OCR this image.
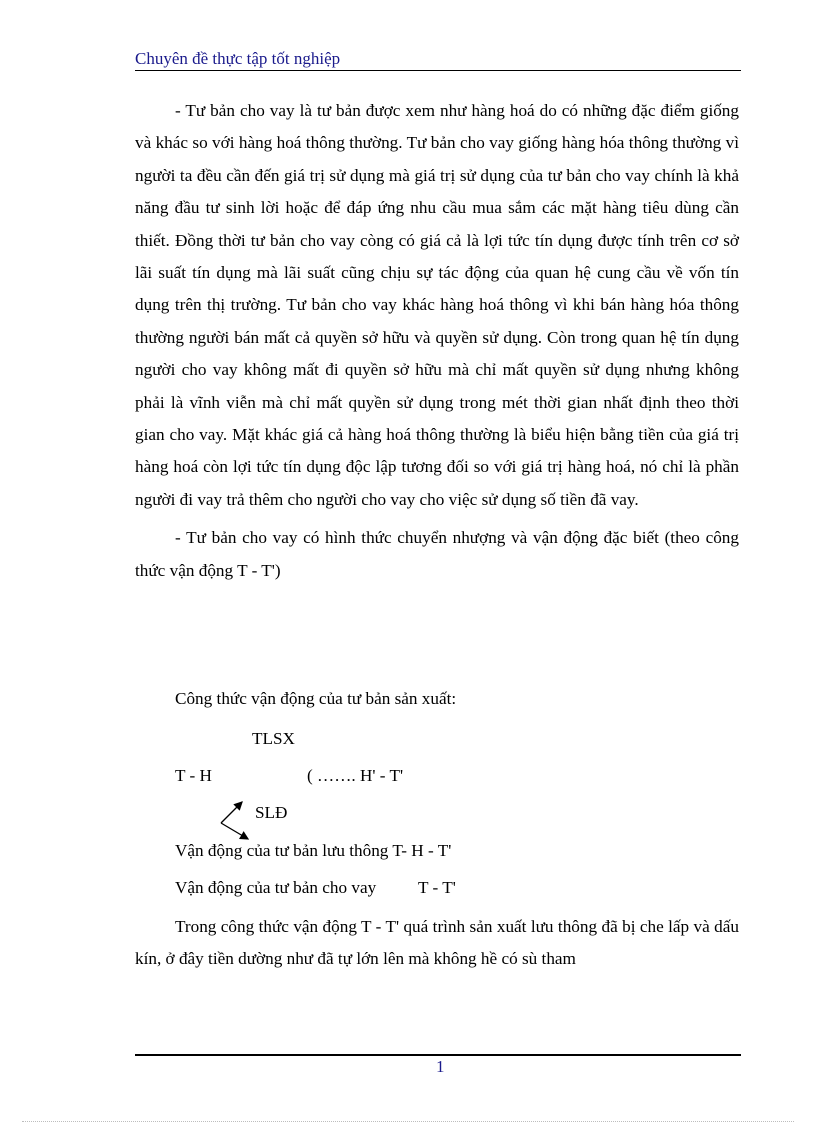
Chuyên đề thực tập tốt nghiệp

- Tư bản cho vay là tư bản được xem như hàng hoá do có những đặc điểm giống và khác so với hàng hoá thông thường. Tư bản cho vay giống hàng hóa thông thường vì người ta đều cần đến giá trị sử dụng mà giá trị sử dụng của tư bản cho vay chính là khả năng đầu tư sinh lời hoặc để đáp ứng nhu cầu mua sắm các mặt hàng tiêu dùng cần thiết. Đồng thời tư bản cho vay còng có giá cả là lợi tức tín dụng được tính trên cơ sở lãi suất tín dụng mà lãi suất cũng chịu sự tác động của quan hệ cung cầu về vốn tín dụng trên thị trường. Tư bản cho vay khác hàng hoá thông vì khi bán hàng hóa thông thường người bán mất cả quyền sở hữu và quyền sử dụng. Còn trong quan hệ tín dụng người cho vay không mất đi quyền sở hữu mà chỉ mất quyền sử dụng nhưng không phải là vĩnh viễn mà chỉ mất quyền sử dụng trong mét thời gian nhất định theo thời gian cho vay. Mặt khác giá cả hàng hoá thông thường là biểu hiện bằng tiền của giá trị hàng hoá còn lợi tức tín dụng độc lập tương đối so với giá trị hàng hoá, nó chỉ là phần người đi vay trả thêm cho người cho vay cho việc sử dụng số tiền đã vay.

- Tư bản cho vay có hình thức chuyển nhượng và vận động đặc biết (theo công thức vận động T - T')

Công thức vận động của tư bản sản xuất:
TLSX
T - H	( ……. H' - T'
SLĐ
Vận động của tư bản lưu thông T- H - T'
Vận động của tư bản cho vay T - T'

Trong công thức vận động T - T' quá trình sản xuất lưu thông đã bị che lấp và dấu kín, ở đây tiền dường như đã tự lớn lên mà không hề có sù tham

1
